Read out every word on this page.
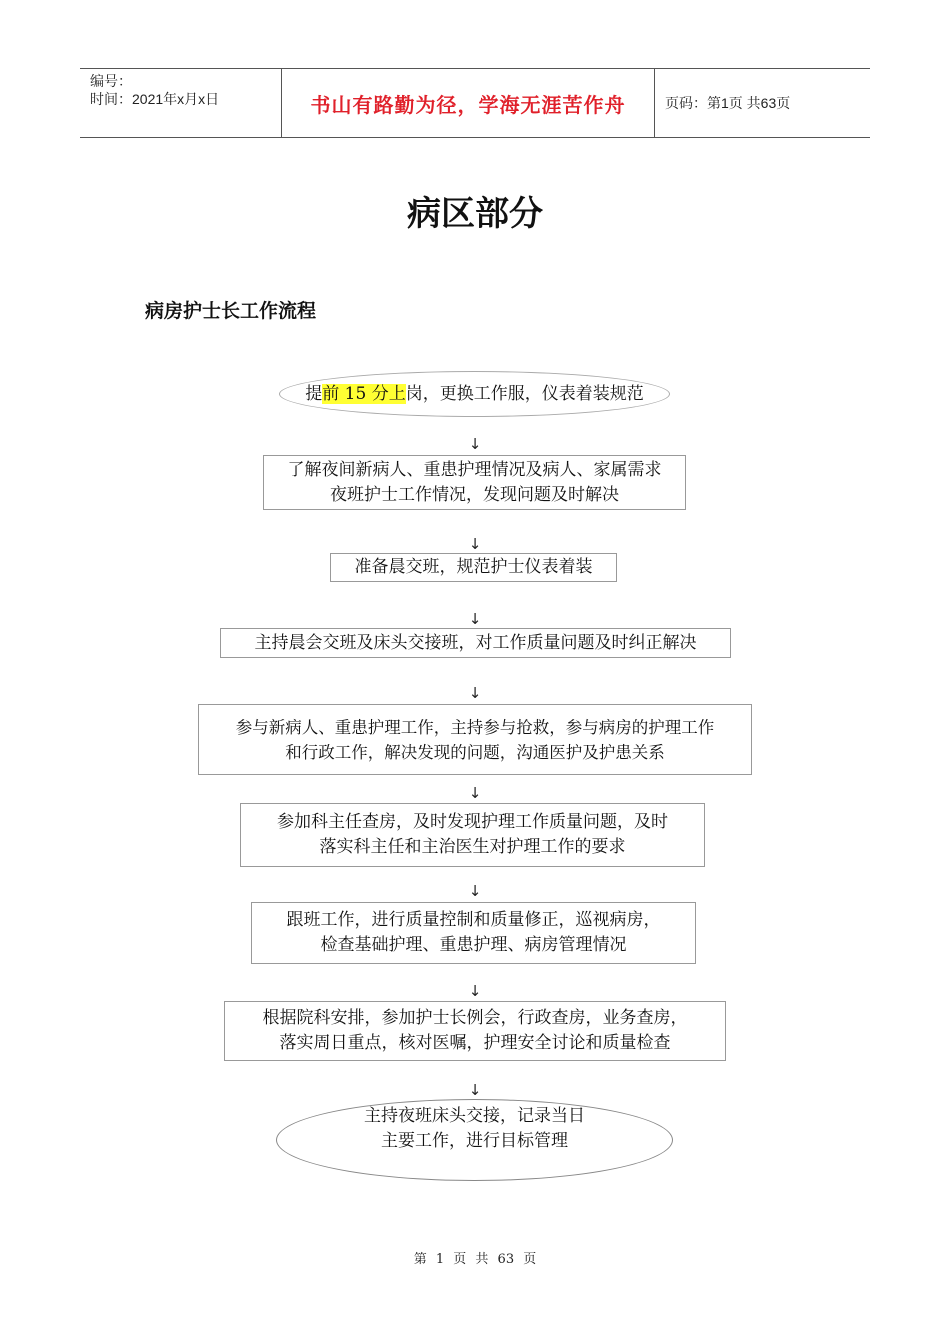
编号：
时间：2021年x月x日	书山有路勤为径，学海无涯苦作舟	页码：第1页 共63页
病区部分
病房护士长工作流程
提前 15 分上岗，更换工作服，仪表着装规范
↓
了解夜间新病人、重患护理情况及病人、家属需求
夜班护士工作情况，发现问题及时解决
↓
准备晨交班，规范护士仪表着装
↓
主持晨会交班及床头交接班，对工作质量问题及时纠正解决
↓
参与新病人、重患护理工作，主持参与抢救，参与病房的护理工作
和行政工作，解决发现的问题，沟通医护及护患关系
↓
参加科主任查房，及时发现护理工作质量问题，及时
落实科主任和主治医生对护理工作的要求
↓
跟班工作，进行质量控制和质量修正，巡视病房，
检查基础护理、重患护理、病房管理情况
↓
根据院科安排，参加护士长例会，行政查房，业务查房，
落实周日重点，核对医嘱，护理安全讨论和质量检查
↓
主持夜班床头交接，记录当日
主要工作，进行目标管理
第 1 页 共 63 页
